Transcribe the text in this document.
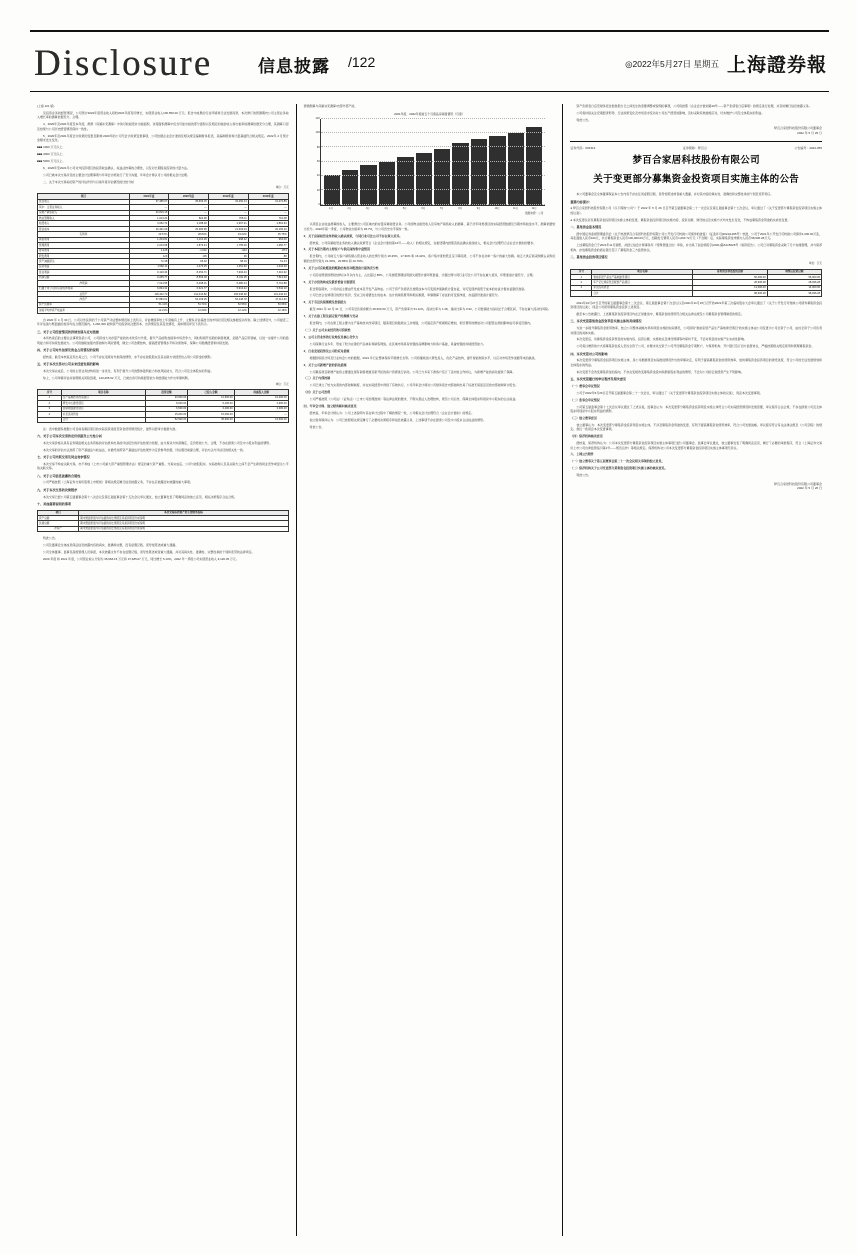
Disclosure	信息披露 /122	◎2022年5月27日 星期五 上海證券報

(上接 121 版)

及投资业务的经营情况，公司预计2022年度营业收入将较2021年度有所增长，实现营业收入100,550.00 万元。报告中成果的行业环境和行业发展趋势，本次修订的预测期内公司主营业务收入增长率的测算依据充分、合理。

4、2020年及2021年度及本年度，源源《房屋补充测算》中的可收租赁并出租面积、该等面积测算中包含可能出租的部分面积以及相应的租金收入和出租率的测算依据充分合理，其测算口径及结果与公司历史经营情况保持一致性。

5、2020年及2021年度会计政策的变更及影响 2020年的公司无会计政策变更事项，公司依据企业会计准则及相关规定编制财务报表，其编制原则和计量基础符合相关规定。2022年 4 月预计金额未发生变化。

■■■ 1000 万元以上；

■■■ 3000 万元以上；

■■■ 5000 万元以上。

6、2020年至2021年公司对外投资项目的投资收益确认、权益法核算的合理性，以及对长期股权投资的计量方法。

公司已就本次交易涉及的主要会计处理事项与年审会计师进行了充分沟通，年审会计师认可公司的相关会计处理。

二、关于本次交易标的资产的评估作价与以前年度评估情况的比较分析

单位：万元
项目	2021年度	2020年度	2019年度	2018年度
营业收入	37,485.07	35,666.15	32,252.14	31,272.86
其中：主营业务收入	—	—	—	—
房地产销售收入	32,819.15	—	—	—
物业管理收入	1,013.20	824.36	765.11	710.08
租赁收入	3,652.72	3,188.00	2,967.21	2,864.93
营业成本	26,401.06	25,380.95	21,603.04	20,105.20
毛利率	29.57%	28.84%	33.02%	35.75%
销售费用	1,204.81	1,101.26	998.42	954.06
管理费用	2,013.08	1,876.44	1,755.09	1,650.77
财务费用	1,125	-1,032	-943	-874
研发费用	120	105	96	88
资产减值损失	72.48	66.32	58.19	51.44
投资收益	1,582.11	1,470.25	1,351.60	1,244.39
营业利润	9,120.33	8,454.71	7,902.44	7,410.32
利润总额	9,245.77	8,566.18	8,011.25	7,512.09
净利润	7,014.55	6,498.31	6,080.44	5,701.88
归属于母公司所有者的净利润	6,824.31	6,321.77	5,913.22	5,544.10
总资产	118,402.73	112,044.82	106,338.90	101,446.33
净资产	57,883.61	54,109.25	50,448.78	47,112.60
资产负债率	51.11%	51.71%	52.56%	53.56%
加权平均净资产收益率	12.21%	12.09%	12.12%	12.18%

自 2020 年 4 月 30 日，公司对外投资的子公司资产评估整体情况如上表所示，评估增值率较上年度略有上升，主要系评估基准日的市场状况及相关参数变动所致。除上述情况外，公司最近三年评估值与账面值的差异均在合理范围内。1,260,300 收购资产的投资时注册资本、出资情况及其变化情况，具体情况详见下表所示。

三、关于公司经营情况的持续发展与应对措施

本所核查后的主要关注事项包括公司，公司拟加大对存量产能的技术改造与升级，提升产品的附加值和市场竞争力，同时积极开拓新的销售渠道，拓展产品应用领域，以进一步提升公司的盈利能力和可持续发展能力。公司将继续加强内部控制与风险管理，健全公司治理结构，提高经营管理水平和决策效率，保障公司稳健经营和持续发展。

四、关于公司对外担保及资金占用情况的说明

经核查，截至本核查意见出具之日，公司不存在违规对外担保的情形，亦不存在控股股东及其关联方非经营性占用公司资金的情形。

五、关于本次交易对公司未来经营发展的影响

本次交易完成后，公司的主营业务结构将进一步优化，有利于提升公司的整体盈利能力和抗风险能力，符合公司及全体股东的利益。

综上，公司审慎评估并说明相关风险因素，120,405.62 万元，已就自身可持续经营能力和偿债能力作出审慎判断。

单位：万元
序号	项目名称	投资金额	已投入金额	尚需投入金额
1	生产基地技术改造项目	23,000.00	12,600.00	10,400.00
2	研发中心建设项目	8,000.00	5,100.00	2,900.00
3	营销网络建设项目	6,500.00	3,200.00	3,300.00
4	补充流动资金	15,000.00	15,000.00	—
	合计	52,500.00	35,900.00	16,600.00

注：表中数据系根据公司目前各募投项目的实际投资进度及资金使用情况统计，最终以经审计数据为准。

六、关于公司本次交易的定价依据及公允性分析

本次交易价格以具有证券期货相关业务资格的评估机构出具的评估报告的评估结果为依据，由交易双方协商确定，定价原则公允、合理，不存在损害公司及中小股东利益的情形。

本次交易的评估方法选用了资产基础法与收益法，并最终选用资产基础法评估结果作为定价参考依据，评估假设前提合理，评估方法与评估目的相关性一致。

七、关于公司关联交易及同业竞争情况

本次交易不构成关联交易，亦不构成《上市公司重大资产重组管理办法》规定的重大资产重组。交易完成后，公司与控股股东、实际控制人及其关联方之间不会产生新的同业竞争或显失公平的关联交易。

八、关于公司信息披露的合规性

公司严格按照《上海证券交易所股票上市规则》等相关规定履行信息披露义务，不存在应披露而未披露的重大事项。

九、关于本次交易的决策程序

本次交易已经公司第五届董事会第十八次会议及第五届监事会第十五次会议审议通过，独立董事发表了明确同意的独立意见，相关决策程序合法合规。

十、其他需要说明的事项
项目	本次交易标的资产的主要财务指标
资产总额	期末账面价值与评估值的对比情况及其差异原因分析说明
负债总额	期末账面价值与评估值的对比情况及其差异原因分析说明
净资产	期末账面价值与评估值的对比情况及其差异原因分析说明

特此公告。

公司及董事会全体成员保证信息披露内容的真实、准确和完整，没有虚假记载、误导性陈述或重大遗漏。

公司全体董事、监事及高级管理人员承诺，本次披露文件不存在虚假记载、误导性陈述或者重大遗漏，并对其真实性、准确性、完整性承担个别和连带的法律责任。

2020 年度 和 2021 年度，公司营业收入分别为 35,666.15 万元和 37,485.07 万元，同比增长 5.10%，2022 年一季度公司实现营业收入 9,126.45 万元。

源源测算与房屋补充测算/内部外部产能、

2021年度、2022年度前五个月商品房销售情况（月度）
0
20
40
60
80
100
120
1月	2月	3月	4月	5月	6月	7月	8月	9月	10月	11月	12月
数据来源：公司

以项目企业收益测算的收入，主要源自公司区域内的存量房屋租赁业务。公司的物业租赁收入及房地产销售收入的测算，基于历年同类项目的实际经营数据及当期市场租金水平，测算依据较为充分。2022年第一季度，公司物业出租率为 93.7%，与公司历史水平保持一致。

2、关于房屋租赁业务的收入确认政策，与同行业可比公司不存在重大差异。

经核查，公司房屋租赁业务的收入确认政策符合《企业会计准则第14号——收入》的相关规定，在租赁期内按照直线法确认租金收入，相关会计处理符合企业会计准则的要求。

3、关于本报告期内主要客户与供应商的集中度情况

报告期内，公司前五大客户销售额占营业收入的比例分别为 18.25%、17.36% 和 16.42%，客户集中度较低且呈下降趋势，公司不存在对单一客户的重大依赖。前五大供应商采购额占采购总额的比例分别为 21.30%、20.85% 和 19.76%。

4、关于公司应收账款的账龄结构及坏账准备计提的充分性

公司应收账款的账龄结构以1年以内为主，占比超过 85%，公司按照预期信用损失模型计提坏账准备，计提比例与同行业可比公司不存在重大差异，坏账准备计提充分、合理。

5、关于存货的构成及跌价准备计提情况

报告期各期末，公司存货主要由开发成本及开发产品构成。公司于资产负债表日按照成本与可变现净值孰低计量存货，对可变现净值低于成本的存货计提存货跌价准备。

公司已结合在建项目的预计售价、至完工时将要发生的成本、估计的销售费用和相关税费，审慎测算了存货的可变现净值，存货跌价准备计提充分。

6、关于有息负债规模及偿债能力

截至 2021 年 12 月 31 日，公司有息负债余额为 48,500.00 万元，资产负债率为 51.11%，流动比率为 1.38，速动比率为 0.92，公司偿债能力指标处于合理区间，不存在重大流动性风险。

7、关于在建工程及固定资产的规模与变动

报告期内，公司在建工程主要为生产基地技术改造项目，随着项目的陆续完工并转固，公司固定资产规模相应增加，折旧费用的增加对公司经营业绩的影响在可承受范围内。

（二）关于公司未来经营的可持续性

1、公司主营业务的行业地位及核心竞争力

公司深耕行业多年，形成了较为完善的产品体系和销售网络，在区域市场具有较强的品牌影响力和客户基础，具备较强的持续经营能力。

2、行业发展趋势及公司的应对措施

根据国家统计局及行业协会公布的数据，2021 年行业整体保持平稳增长态势。公司将继续加大研发投入，优化产品结构，提升智能制造水平，以应对市场竞争加剧带来的挑战。

3、关于公司新增产能的消化措施

公司募投项目新增产能将主要通过现有销售渠道及新开拓的客户资源进行消化。公司已与多家下游客户签订了意向性合作协议，为新增产能的消化提供了保障。

（三）关于内部控制

公司已建立了较为完善的内部控制制度，并在实际经营中得到了有效执行。公司年审会计师对公司财务报告内部控制出具了标准无保留意见的内部控制审计报告。

（四）关于公司治理

公司严格按照《公司法》《证券法》《上市公司治理准则》等法律法规的要求，不断完善法人治理结构，规范公司运作，保障全体股东特别是中小股东的合法权益。

四、年审会计师、独立财务顾问核查意见

经核查，年审会计师认为：公司上述说明与其在审计过程中了解的情况一致，公司相关会计处理符合《企业会计准则》的规定。

独立财务顾问认为：公司已按照相关规定履行了必要的决策程序和信息披露义务，上述事项不存在损害公司及中小股东合法权益的情形。

特此公告。

资产负债表日后至财务报告批准报出日之间发生的需要调整或说明的事项，公司将按照《企业会计准则第29号——资产负债表日后事项》的规定进行处理，并及时履行信息披露义务。

公司将持续关注宏观经济形势、行业政策变化及市场需求变动对公司生产经营的影响，及时采取有效措施应对，切实维护公司及全体股东的利益。

特此公告。

梦百合家居科技股份有限公司董事会
2022 年 5 月 26 日
证券代码：603313	证券简称：梦百合	公告编号：2022-055
梦百合家居科技股份有限公司
关于变更部分募集资金投资项目实施主体的公告

本公司董事会及全体董事保证本公告内容不存在任何虚假记载、误导性陈述或者重大遗漏，并对其内容的真实性、准确性和完整性承担个别及连带责任。

重要内容提示：

● 梦百合家居科技股份有限公司（以下简称"公司"）于 2022 年 5 月 26 日召开第五届董事会第二十一次会议及第五届监事会第十七次会议，审议通过了《关于变更部分募集资金投资项目实施主体的议案》。

● 本次变更仅涉及募集资金投资项目实施主体的变更，募集资金投资项目的实施内容、投资总额、建设地点及实施方式均未发生变化，不构成募集资金用途的实质性变更。

一、募集资金基本情况

经中国证券监督管理委员会《关于核准梦百合家居科技股份有限公司公开发行可转换公司债券的批复》（证监许可[2021]1265号）核准，公司于2021年公开发行可转换公司债券1,000.00万张，每张面值人民币100元，共计募集资金人民币100,000.00万元，扣除发行费用人民币1,063.72万元（不含税）后，实际募集资金净额为人民币98,936.28万元。

上述募集资金已于2021年11月到账，并经立信会计师事务所（特殊普通合伙）审验，并出具了信会师报字[2021]第ZA15628号《验资报告》。公司已对募集资金采取了专户存储管理，并与保荐机构、存放募集资金的商业银行签订了募集资金三方监管协议。

二、募集资金投资项目情况
单位：万元
序号	项目名称	募集资金承诺投资总额	调整后投资总额
1	智能家居产品生产基地建设项目	56,000.00	56,000.00
2	年产记忆绵床垫及配套产品项目	28,936.28	28,936.28
3	补充流动资金	14,000.00	14,000.00
	合计	98,936.28	98,936.28

2021年10月27日召开的第五届董事会第十二次会议、第五届监事会第十次会议以及2021年11月15日召开的2021年第三次临时股东大会审议通过了《关于公开发行可转换公司债券募集资金投资项目的议案》，同意公司使用募集资金投资上述项目。

截至本公告披露日，上述募集资金投资项目均在正常推进中，募集资金的使用符合相关法律法规及公司募集资金管理制度的规定。

三、本次变更募集资金投资项目实施主体的具体情况

为进一步提升募集资金使用效率，结合公司整体战略布局和项目实施的实际情况，公司拟将"智能家居产品生产基地建设项目"的实施主体由公司变更为公司全资子公司，由该全资子公司负责该项目的具体实施。

本次变更后，该募集资金投资项目的实施内容、投资总额、实施地点及建设周期等均保持不变，不会对项目的实施产生实质性影响。

公司将以增资的方式将募集资金投入至该全资子公司，并要求该全资子公司开设募集资金专项账户，与保荐机构、开户银行签订四方监管协议，严格按照相关规定使用和管理募集资金。

四、本次变更对公司的影响

本次变更部分募集资金投资项目实施主体，是公司根据项目实际推进情况作出的审慎决定，有利于提高募集资金的使用效率，加快募集资金投资项目的建设进度，符合公司的长远发展规划和全体股东的利益。

本次变更不会改变募集资金的投向，不存在变相改变募集资金投向和损害股东利益的情形，不会对公司的正常经营产生不利影响。

五、本次变更履行的审议程序及相关意见

（一）董事会审议情况

公司于2022年5月26日召开第五届董事会第二十一次会议，审议通过了《关于变更部分募集资金投资项目实施主体的议案》，同意本次变更事项。

（二）监事会审议情况

公司第五届监事会第十七次会议审议通过了上述议案，监事会认为：本次变更部分募集资金投资项目实施主体符合公司实际经营情况和发展需要，审议程序合法合规，不存在损害公司及全体股东特别是中小股东利益的情形。

（三）独立董事意见

独立董事认为：本次变更部分募集资金投资项目实施主体，不涉及募集资金用途的变更，有利于提高募集资金使用效率，符合公司发展战略，审议程序符合有关法律法规及《公司章程》的规定。我们一致同意本次变更事项。

（四）保荐机构核查意见

经核查，保荐机构认为：公司本次变更部分募集资金投资项目实施主体事项已经公司董事会、监事会审议通过，独立董事发表了明确同意意见，履行了必要的审批程序，符合《上海证券交易所上市公司自律监管指引第1号——规范运作》等相关规定。保荐机构对公司本次变更部分募集资金投资项目实施主体事项无异议。

六、上网公告附件

（一）独立董事关于第五届董事会第二十一次会议相关事项的独立意见；

（二）保荐机构关于公司变更部分募集资金投资项目实施主体的核查意见。

特此公告。

梦百合家居科技股份有限公司董事会
2022 年 5 月 26 日
